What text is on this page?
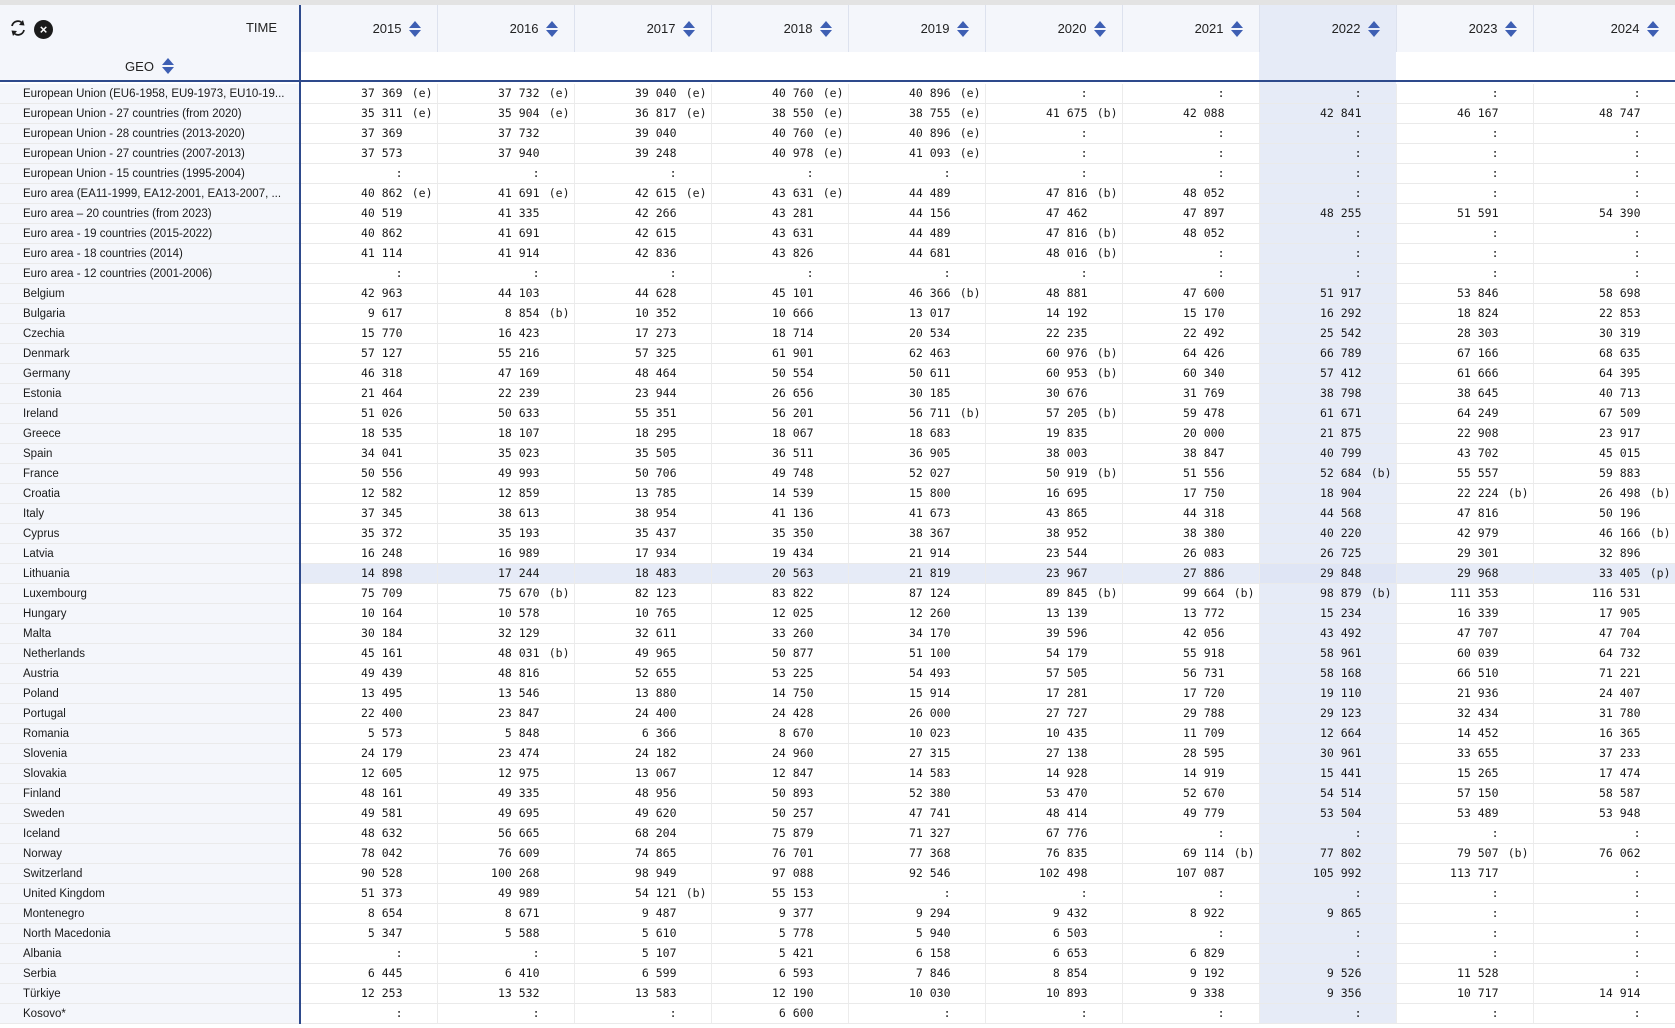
× TIME	2015	2016	2017	2018	2019	2020	2021	2022	2023	2024

GEO										

European Union (EU6-1958, EU9-1973, EU10-19...	37 369 (e)	37 732 (e)	39 040 (e)	40 760 (e)	40 896 (e)	:	:	:	:	:

European Union - 27 countries (from 2020)	35 311 (e)	35 904 (e)	36 817 (e)	38 550 (e)	38 755 (e)	41 675 (b)	42 088	42 841	46 167	48 747

European Union - 28 countries (2013-2020)	37 369	37 732	39 040	40 760 (e)	40 896 (e)	:	:	:	:	:

European Union - 27 countries (2007-2013)	37 573	37 940	39 248	40 978 (e)	41 093 (e)	:	:	:	:	:

European Union - 15 countries (1995-2004)	:	:	:	:	:	:	:	:	:	:

Euro area (EA11-1999, EA12-2001, EA13-2007, ...	40 862 (e)	41 691 (e)	42 615 (e)	43 631 (e)	44 489	47 816 (b)	48 052	:	:	:

Euro area – 20 countries (from 2023)	40 519	41 335	42 266	43 281	44 156	47 462	47 897	48 255	51 591	54 390

Euro area - 19 countries (2015-2022)	40 862	41 691	42 615	43 631	44 489	47 816 (b)	48 052	:	:	:

Euro area - 18 countries (2014)	41 114	41 914	42 836	43 826	44 681	48 016 (b)	:	:	:	:

Euro area - 12 countries (2001-2006)	:	:	:	:	:	:	:	:	:	:

Belgium	42 963	44 103	44 628	45 101	46 366 (b)	48 881	47 600	51 917	53 846	58 698

Bulgaria	9 617	8 854 (b)	10 352	10 666	13 017	14 192	15 170	16 292	18 824	22 853

Czechia	15 770	16 423	17 273	18 714	20 534	22 235	22 492	25 542	28 303	30 319

Denmark	57 127	55 216	57 325	61 901	62 463	60 976 (b)	64 426	66 789	67 166	68 635

Germany	46 318	47 169	48 464	50 554	50 611	60 953 (b)	60 340	57 412	61 666	64 395

Estonia	21 464	22 239	23 944	26 656	30 185	30 676	31 769	38 798	38 645	40 713

Ireland	51 026	50 633	55 351	56 201	56 711 (b)	57 205 (b)	59 478	61 671	64 249	67 509

Greece	18 535	18 107	18 295	18 067	18 683	19 835	20 000	21 875	22 908	23 917

Spain	34 041	35 023	35 505	36 511	36 905	38 003	38 847	40 799	43 702	45 015

France	50 556	49 993	50 706	49 748	52 027	50 919 (b)	51 556	52 684 (b)	55 557	59 883

Croatia	12 582	12 859	13 785	14 539	15 800	16 695	17 750	18 904	22 224 (b)	26 498 (b)

Italy	37 345	38 613	38 954	41 136	41 673	43 865	44 318	44 568	47 816	50 196

Cyprus	35 372	35 193	35 437	35 350	38 367	38 952	38 380	40 220	42 979	46 166 (b)

Latvia	16 248	16 989	17 934	19 434	21 914	23 544	26 083	26 725	29 301	32 896

Lithuania	14 898	17 244	18 483	20 563	21 819	23 967	27 886	29 848	29 968	33 405 (p)

Luxembourg	75 709	75 670 (b)	82 123	83 822	87 124	89 845 (b)	99 664 (b)	98 879 (b)	111 353	116 531

Hungary	10 164	10 578	10 765	12 025	12 260	13 139	13 772	15 234	16 339	17 905

Malta	30 184	32 129	32 611	33 260	34 170	39 596	42 056	43 492	47 707	47 704

Netherlands	45 161	48 031 (b)	49 965	50 877	51 100	54 179	55 918	58 961	60 039	64 732

Austria	49 439	48 816	52 655	53 225	54 493	57 505	56 731	58 168	66 510	71 221

Poland	13 495	13 546	13 880	14 750	15 914	17 281	17 720	19 110	21 936	24 407

Portugal	22 400	23 847	24 400	24 428	26 000	27 727	29 788	29 123	32 434	31 780

Romania	5 573	5 848	6 366	8 670	10 023	10 435	11 709	12 664	14 452	16 365

Slovenia	24 179	23 474	24 182	24 960	27 315	27 138	28 595	30 961	33 655	37 233

Slovakia	12 605	12 975	13 067	12 847	14 583	14 928	14 919	15 441	15 265	17 474

Finland	48 161	49 335	48 956	50 893	52 380	53 470	52 670	54 514	57 150	58 587

Sweden	49 581	49 695	49 620	50 257	47 741	48 414	49 779	53 504	53 489	53 948

Iceland	48 632	56 665	68 204	75 879	71 327	67 776	:	:	:	:

Norway	78 042	76 609	74 865	76 701	77 368	76 835	69 114 (b)	77 802	79 507 (b)	76 062

Switzerland	90 528	100 268	98 949	97 088	92 546	102 498	107 087	105 992	113 717	:

United Kingdom	51 373	49 989	54 121 (b)	55 153	:	:	:	:	:	:

Montenegro	8 654	8 671	9 487	9 377	9 294	9 432	8 922	9 865	:	:

North Macedonia	5 347	5 588	5 610	5 778	5 940	6 503	:	:	:	:

Albania	:	:	5 107	5 421	6 158	6 653	6 829	:	:	:

Serbia	6 445	6 410	6 599	6 593	7 846	8 854	9 192	9 526	11 528	:

Türkiye	12 253	13 532	13 583	12 190	10 030	10 893	9 338	9 356	10 717	14 914

Kosovo*	:	:	:	6 600	:	:	:	:	:	:
